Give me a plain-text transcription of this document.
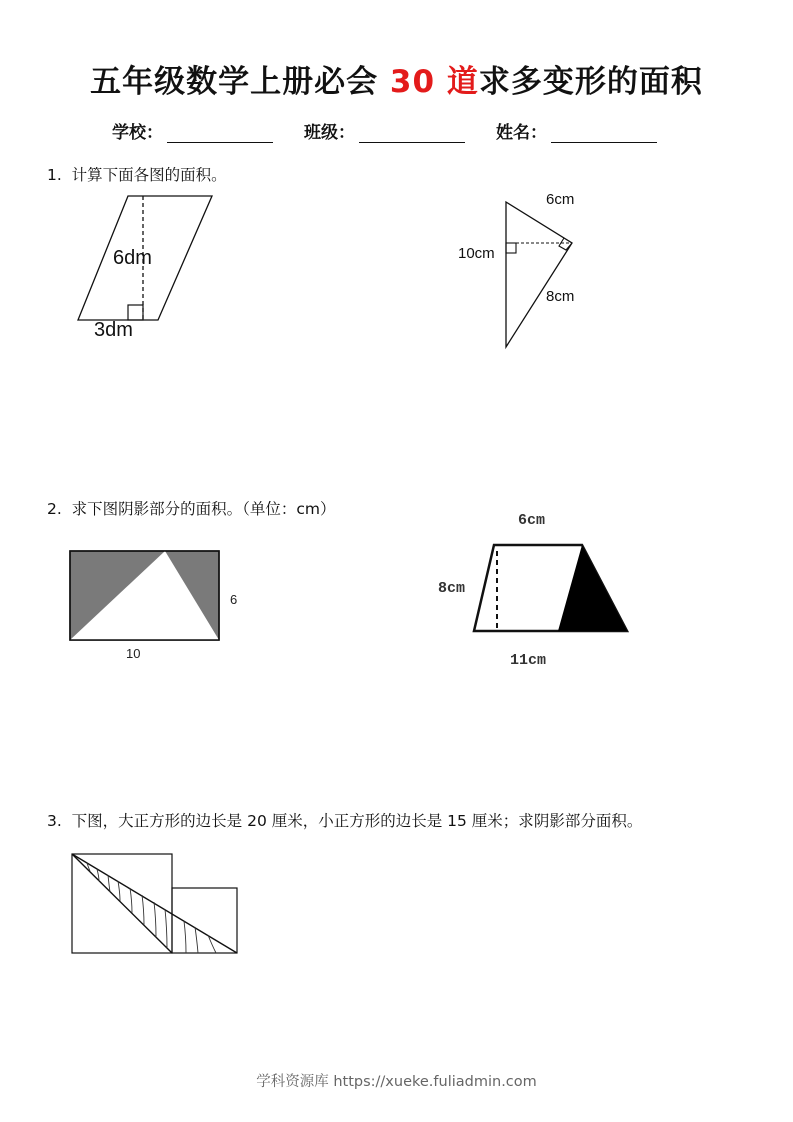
五年级数学上册必会 30 道求多变形的面积
学校：	班级：	姓名：
1. 计算下面各图的面积。
6dm
3dm
6cm
10cm
8cm
2. 求下图阴影部分的面积。（单位：cm）
6
10
6cm
8cm
11cm
3. 下图，大正方形的边长是 20 厘米，小正方形的边长是 15 厘米；求阴影部分面积。
学科资源库 https://xueke.fuliadmin.com
